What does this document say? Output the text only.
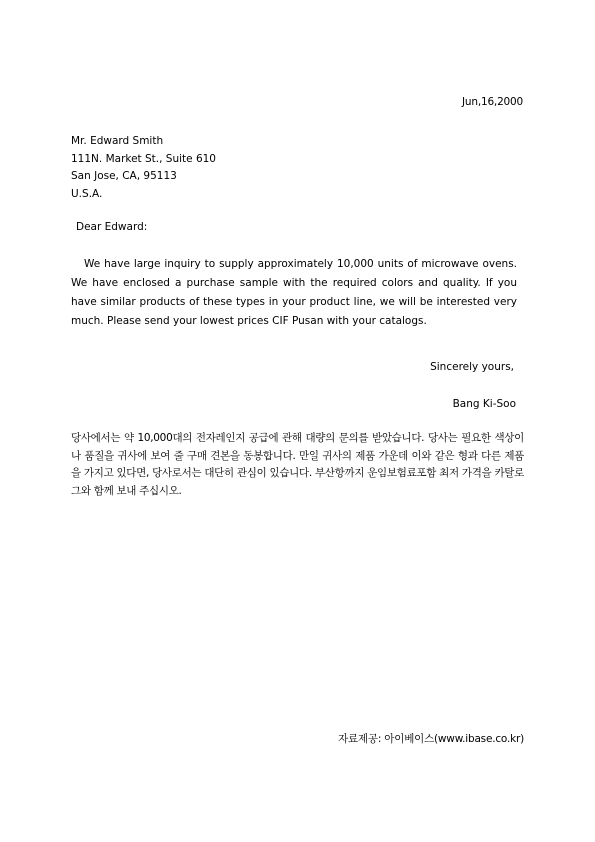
Jun,16,2000
Mr. Edward Smith
111N. Market St., Suite 610
San Jose, CA, 95113
U.S.A.
Dear Edward:
We have large inquiry to supply approximately 10,000 units of microwave ovens. We have enclosed a purchase sample with the required colors and quality. If you have similar products of these types in your product line, we will be interested very much. Please send your lowest prices CIF Pusan with your catalogs.
Sincerely yours,
Bang Ki-Soo
당사에서는 약 10,000대의 전자레인지 공급에 관해 대량의 문의를 받았습니다. 당사는 필요한 색상이나 품질을 귀사에 보여 줄 구매 견본을 동봉합니다. 만일 귀사의 제품 가운데 이와 같은 형과 다른 제품을 가지고 있다면, 당사로서는 대단히 관심이 있습니다. 부산항까지 운임보험료포함 최저 가격을 카탈로그와 함께 보내 주십시오.
자료제공: 아이베이스(www.ibase.co.kr)
